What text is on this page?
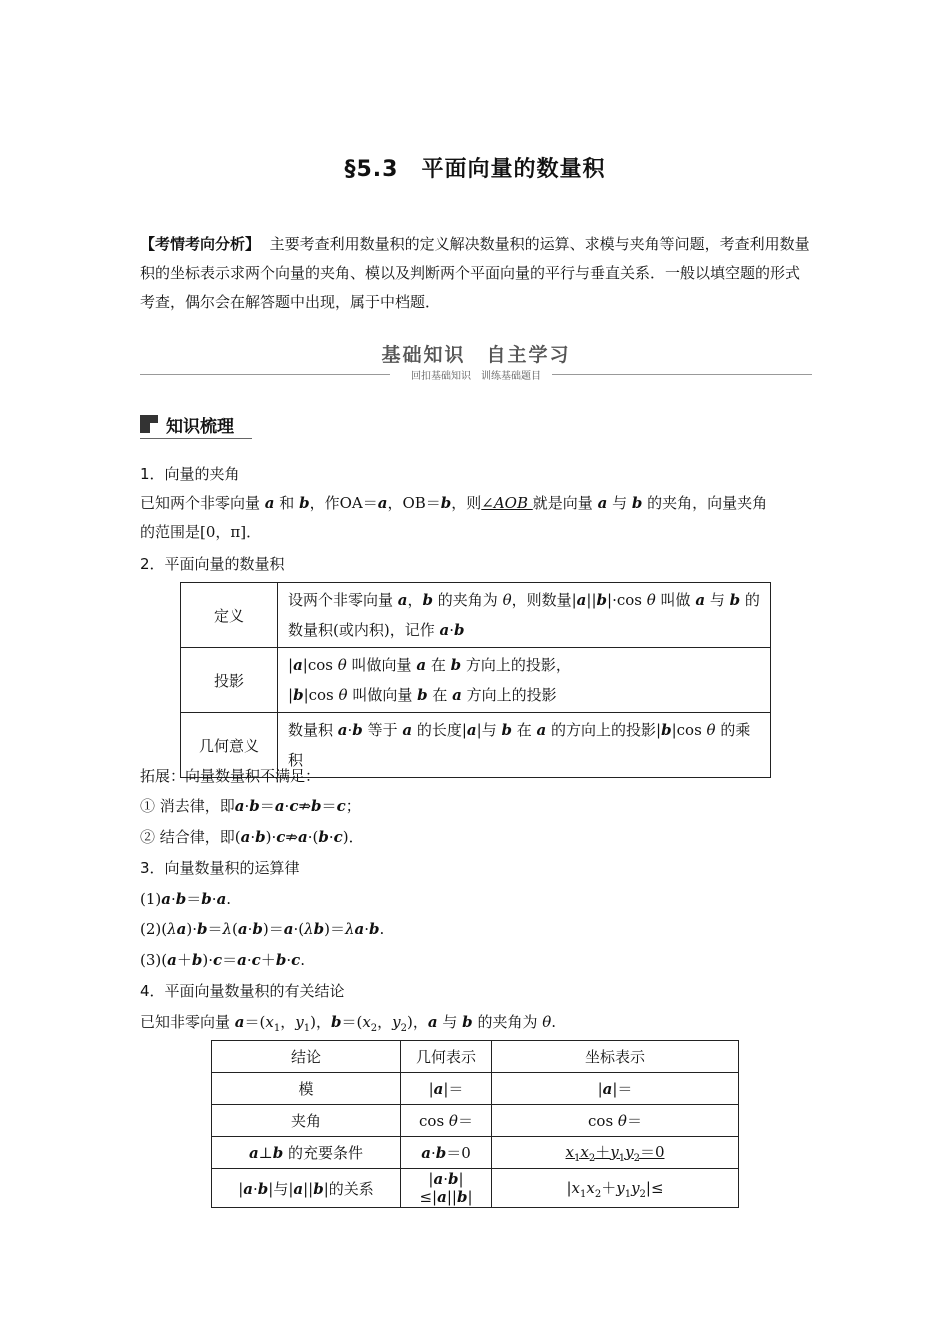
§5.3　平面向量的数量积
【考情考向分析】 主要考查利用数量积的定义解决数量积的运算、求模与夹角等问题，考查利用数量积的坐标表示求两个向量的夹角、模以及判断两个平面向量的平行与垂直关系．一般以填空题的形式考查，偶尔会在解答题中出现，属于中档题．
基础知识　自主学习
回扣基础知识　训练基础题目
知识梳理
1．向量的夹角
已知两个非零向量 a 和 b，作OA＝a，OB＝b，则∠AOB 就是向量 a 与 b 的夹角，向量夹角
的范围是[0，π]．
2．平面向量的数量积
定义	设两个非零向量 a，b 的夹角为 θ，则数量|a||b|·cos θ 叫做 a 与 b 的
数量积(或内积)，记作 a·b
投影	|a|cos θ 叫做向量 a 在 b 方向上的投影，
|b|cos θ 叫做向量 b 在 a 方向上的投影
几何意义	数量积 a·b 等于 a 的长度|a|与 b 在 a 的方向上的投影|b|cos θ 的乘积
拓展：向量数量积不满足：
① 消去律，即a·b＝a·c⇏b＝c；
② 结合律，即(a·b)·c⇏a·(b·c)．
3．向量数量积的运算律
(1)a·b＝b·a.
(2)(λa)·b＝λ(a·b)＝a·(λb)＝λa·b.
(3)(a＋b)·c＝a·c＋b·c.
4．平面向量数量积的有关结论
已知非零向量 $a=(x_1$，$y_1$)，$b=(x_2$，$y_2$)，a 与 b 的夹角为 θ.
结论	几何表示	坐标表示
模	|a|＝	|a|＝
夹角	cos θ＝	cos θ＝
a⊥b 的充要条件	a·b＝0	$x_1x_2+y_1y_2=0$
|a·b|与|a||b|的关系	|a·b|≤|a||b|	$|x_1x_2+y_1y_2|\le$
